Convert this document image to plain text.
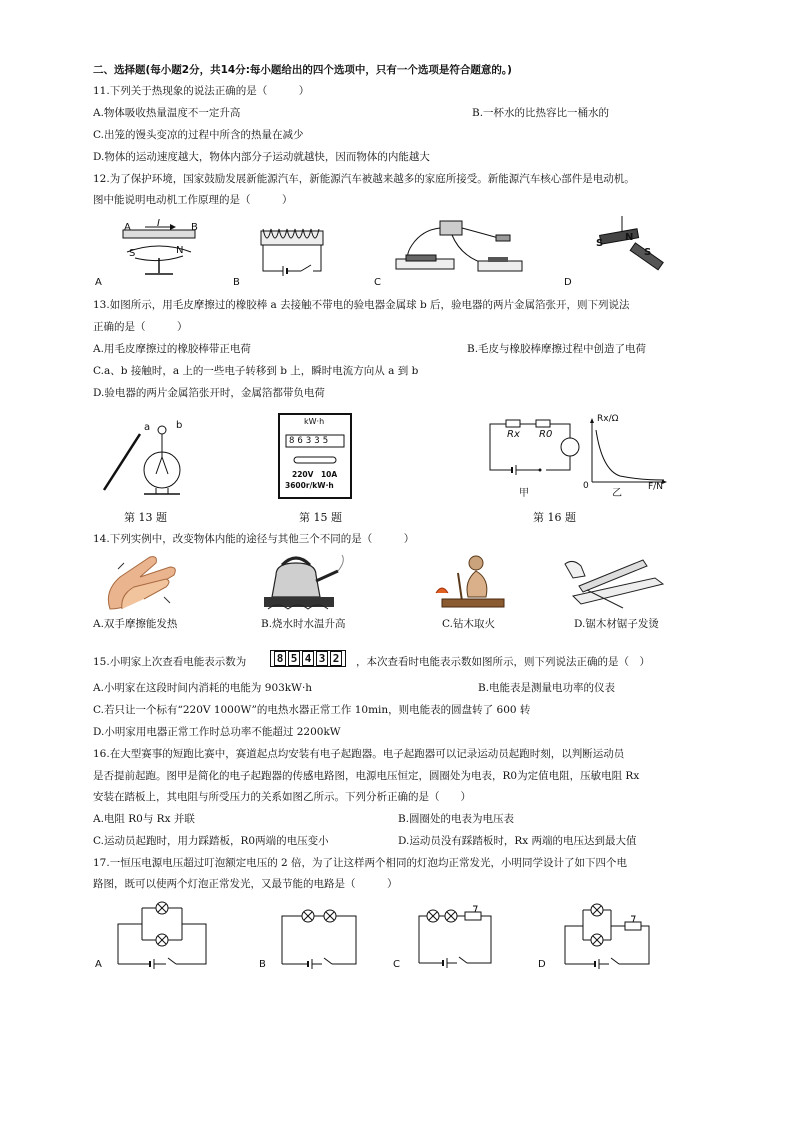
二、选择题(每小题2分，共14分:每小题给出的四个选项中，只有一个选项是符合题意的。)
11.下列关于热现象的说法正确的是（　　　）
A.物体吸收热量温度不一定升高	B.一杯水的比热容比一桶水的
C.出笼的馒头变凉的过程中所含的热量在减少
D.物体的运动速度越大，物体内部分子运动就越快，因而物体的内能越大
12.为了保护环境，国家鼓励发展新能源汽车，新能源汽车被越来越多的家庭所接受。新能源汽车核心部件是电动机。
图中能说明电动机工作原理的是（　　　）
A	I	B
S	N
S
N
S
A	B	C	D
13.如图所示，用毛皮摩擦过的橡胶棒 a 去接触不带电的验电器金属球 b 后，验电器的两片金属箔张开，则下列说法
正确的是（　　　）
A.用毛皮摩擦过的橡胶棒带正电荷	B.毛皮与橡胶棒摩擦过程中创造了电荷
C.a、b 接触时，a 上的一些电子转移到 b 上，瞬时电流方向从 a 到 b
D.验电器的两片金属箔张开时，金属箔都带负电荷
a	b
第 13 题
kW·h
86335
220V　10A
3600r/kW·h
第 15 题
Rx R0
甲
Rx/Ω
0
乙
F/N
第 16 题
14.下列实例中，改变物体内能的途径与其他三个不同的是（　　　）
A.双手摩擦能发热	B.烧水时水温升高	C.钻木取火	D.锯木材锯子发烫
15.小明家上次查看电能表示数为	8 5 4 3 2	，本次查看时电能表示数如图所示，则下列说法正确的是（　）
A.小明家在这段时间内消耗的电能为 903kW·h	B.电能表是测量电功率的仪表
C.若只让一个标有“220V 1000W”的电热水器正常工作 10min，则电能表的圆盘转了 600 转
D.小明家用电器正常工作时总功率不能超过 2200kW
16.在大型赛事的短跑比赛中，赛道起点均安装有电子起跑器。电子起跑器可以记录运动员起跑时刻，以判断运动员
是否提前起跑。图甲是简化的电子起跑器的传感电路图，电源电压恒定，圆圈处为电表，R0为定值电阻，压敏电阻 Rx
安装在踏板上，其电阻与所受压力的关系如图乙所示。下列分析正确的是（　　）
A.电阻 R0与 Rx 并联	B.圆圈处的电表为电压表
C.运动员起跑时，用力踩踏板，R0两端的电压变小	D.运动员没有踩踏板时，Rx 两端的电压达到最大值
17.一恒压电源电压超过叮泡额定电压的 2 倍，为了让这样两个相同的灯泡均正常发光，小明同学设计了如下四个电
路图，既可以使两个灯泡正常发光，又最节能的电路是（　　　）
A	B	C	D
